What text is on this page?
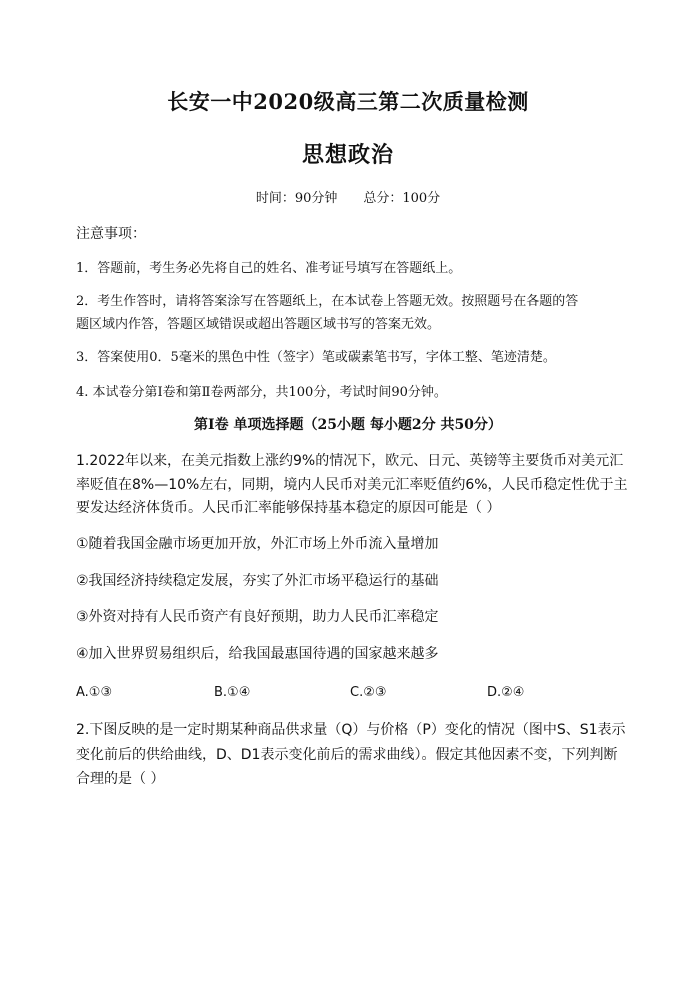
长安一中2020级高三第二次质量检测
思想政治
时间：90分钟 总分：100分
注意事项：
1．答题前，考生务必先将自己的姓名、准考证号填写在答题纸上。
2．考生作答时，请将答案涂写在答题纸上，在本试卷上答题无效。按照题号在各题的答
题区域内作答，答题区域错误或超出答题区域书写的答案无效。
3．答案使用0．5毫米的黑色中性（签字）笔或碳素笔书写，字体工整、笔迹清楚。
4. 本试卷分第Ⅰ卷和第Ⅱ卷两部分，共100分，考试时间90分钟。
第Ⅰ卷 单项选择题（25小题 每小题2分 共50分）
1.2022年以来，在美元指数上涨约9%的情况下，欧元、日元、英镑等主要货币对美元汇
率贬值在8%—10%左右，同期，境内人民币对美元汇率贬值约6%，人民币稳定性优于主
要发达经济体货币。人民币汇率能够保持基本稳定的原因可能是（ ）
①随着我国金融市场更加开放，外汇市场上外币流入量增加
②我国经济持续稳定发展，夯实了外汇市场平稳运行的基础
③外资对持有人民币资产有良好预期，助力人民币汇率稳定
④加入世界贸易组织后，给我国最惠国待遇的国家越来越多
A.①③	B.①④	C.②③	D.②④
2.下图反映的是一定时期某种商品供求量（Q）与价格（P）变化的情况（图中S、S1表示
变化前后的供给曲线，D、D1表示变化前后的需求曲线）。假定其他因素不变，下列判断
合理的是（ ）
